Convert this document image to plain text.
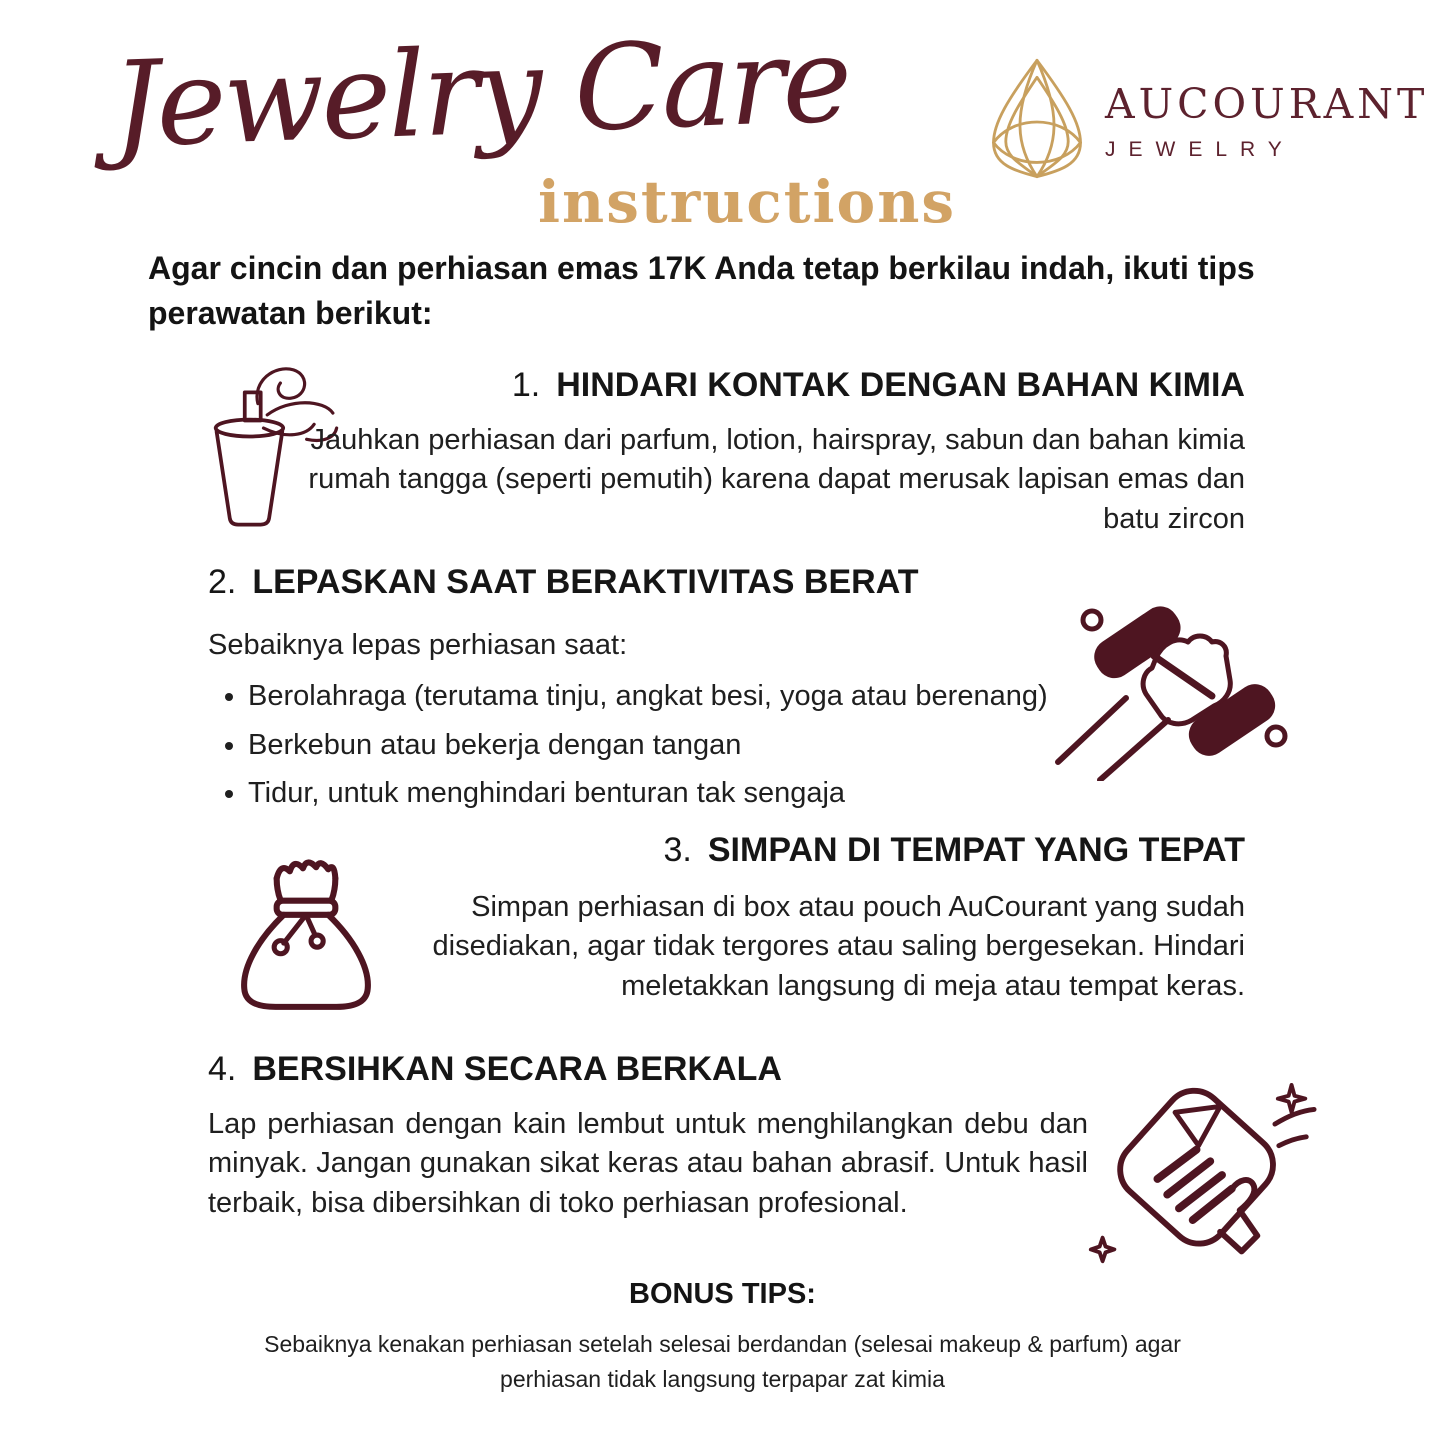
Jewelry Care
instructions
AUCOURANT
JEWELRY
Agar cincin dan perhiasan emas 17K Anda tetap berkilau indah, ikuti tips perawatan berikut:
1. HINDARI KONTAK DENGAN BAHAN KIMIA
Jauhkan perhiasan dari parfum, lotion, hairspray, sabun dan bahan kimia rumah tangga (seperti pemutih) karena dapat merusak lapisan emas dan batu zircon
2. LEPASKAN SAAT BERAKTIVITAS BERAT
Sebaiknya lepas perhiasan saat:
• Berolahraga (terutama tinju, angkat besi, yoga atau berenang)
• Berkebun atau bekerja dengan tangan
• Tidur, untuk menghindari benturan tak sengaja
3. SIMPAN DI TEMPAT YANG TEPAT
Simpan perhiasan di box atau pouch AuCourant yang sudah disediakan, agar tidak tergores atau saling bergesekan. Hindari meletakkan langsung di meja atau tempat keras.
4. BERSIHKAN SECARA BERKALA
Lap perhiasan dengan kain lembut untuk menghilangkan debu dan minyak. Jangan gunakan sikat keras atau bahan abrasif. Untuk hasil terbaik, bisa dibersihkan di toko perhiasan profesional.
BONUS TIPS:
Sebaiknya kenakan perhiasan setelah selesai berdandan (selesai makeup & parfum) agar perhiasan tidak langsung terpapar zat kimia
